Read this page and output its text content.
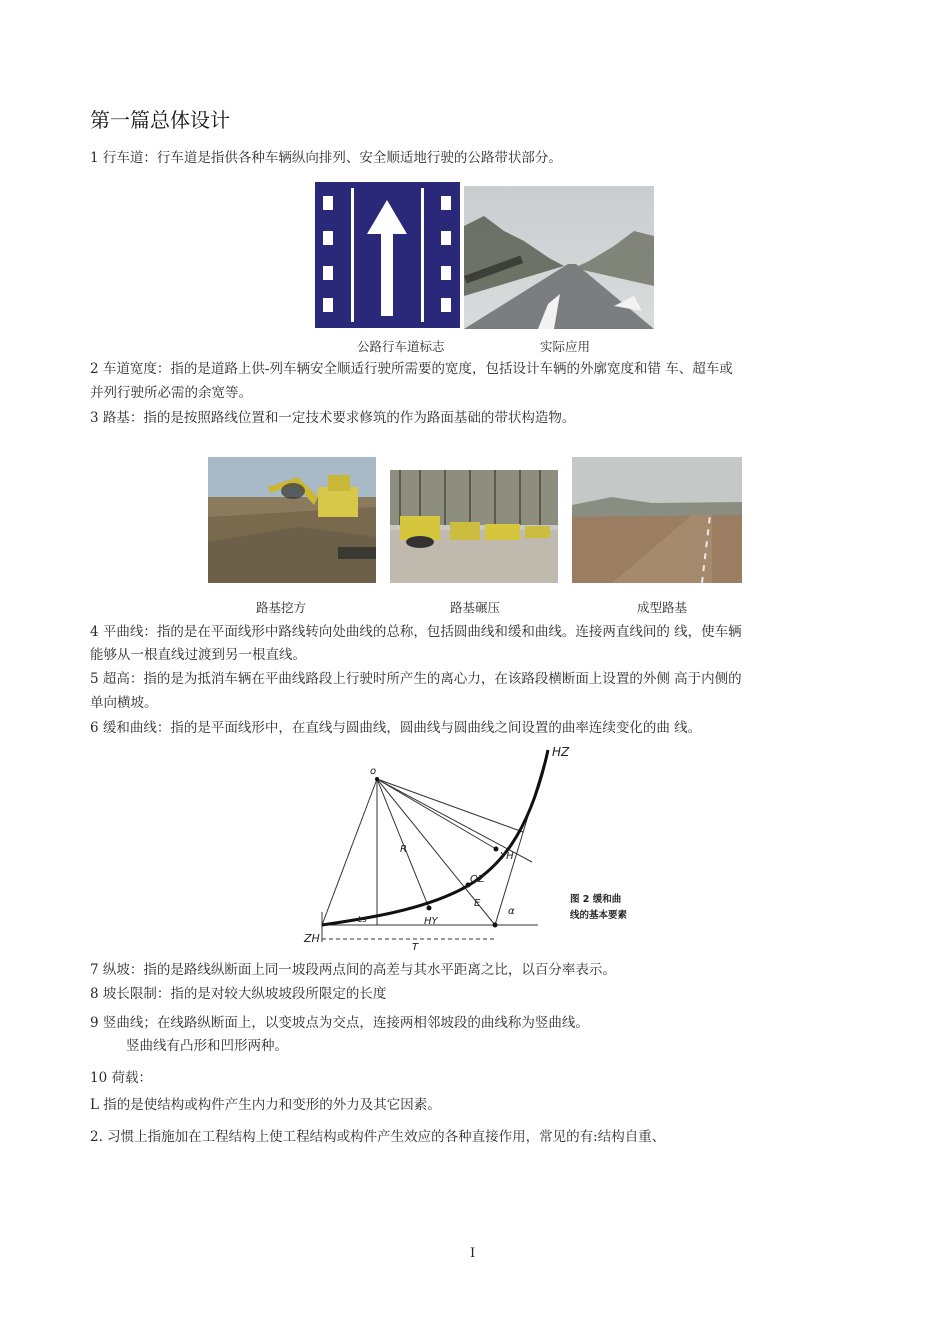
第一篇总体设计
1 行车道：行车道是指供各种车辆纵向排列、安全顺适地行驶的公路带状部分。
公路行车道标志	实际应用
2 车道宽度：指的是道路上供-列车辆安全顺适行驶所需要的宽度，包括设计车辆的外廓宽度和错 车、超车或
并列行驶所必需的余宽等。
3 路基：指的是按照路线位置和一定技术要求修筑的作为路面基础的带状构造物。
路基挖方	路基碾压	成型路基
4 平曲线：指的是在平面线形中路线转向处曲线的总称，包括圆曲线和缓和曲线。连接两直线间的 线，使车辆
能够从一根直线过渡到另一根直线。
5 超高：指的是为抵消车辆在平曲线路段上行驶时所产生的离心力，在该路段横断面上设置的外侧 高于内侧的
单向横坡。
6 缓和曲线：指的是平面线形中，在直线与圆曲线，圆曲线与圆曲线之间设置的曲率连续变化的曲 线。
o
HZ
YH
QZ
HY
ZH
R
E
T
Ls
α
图 2 缓和曲
线的基本要素
7 纵坡：指的是路线纵断面上同一坡段两点间的高差与其水平距离之比，以百分率表示。
8 坡长限制：指的是对较大纵坡坡段所限定的长度
9 竖曲线；在线路纵断面上，以变坡点为交点，连接两相邻坡段的曲线称为竖曲线。
竖曲线有凸形和凹形两种。
10 荷载：
L 指的是使结构或构件产生内力和变形的外力及其它因素。
2. 习惯上指施加在工程结构上使工程结构或构件产生效应的各种直接作用，常见的有:结构自重、
I
